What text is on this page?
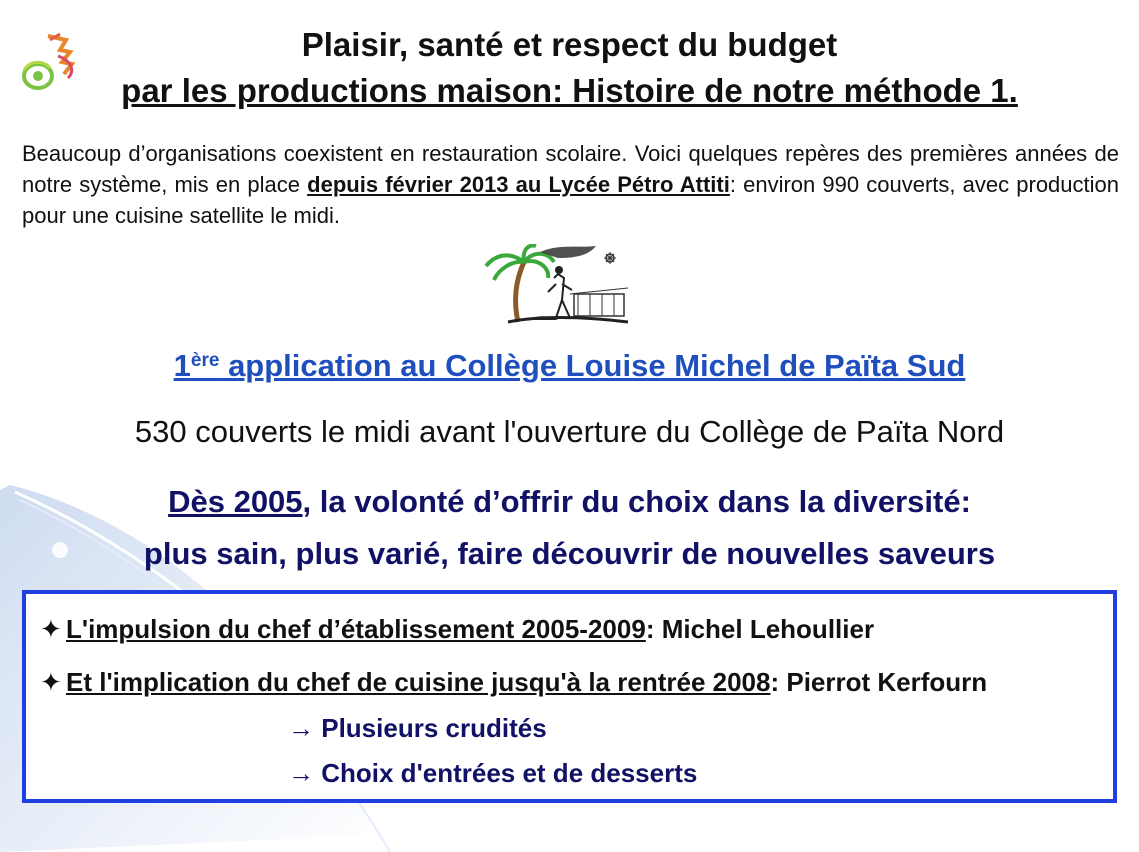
Plaisir, santé et respect du budget
par les productions maison: Histoire de notre méthode 1.
Beaucoup d’organisations coexistent en restauration scolaire. Voici quelques repères des premières années de notre système, mis en place depuis février 2013 au Lycée Pétro Attiti: environ 990 couverts, avec production pour une cuisine satellite le midi.
1ère application au Collège Louise Michel de Païta Sud
530 couverts le midi avant l'ouverture du Collège de Païta Nord
Dès 2005, la volonté d’offrir du choix dans la diversité:
plus sain, plus varié, faire découvrir de nouvelles saveurs
✦ L'impulsion du chef d’établissement 2005-2009: Michel Lehoullier
✦ Et l'implication du chef de cuisine jusqu'à la rentrée 2008: Pierrot Kerfourn
→ Plusieurs crudités
→ Choix d'entrées et de desserts
